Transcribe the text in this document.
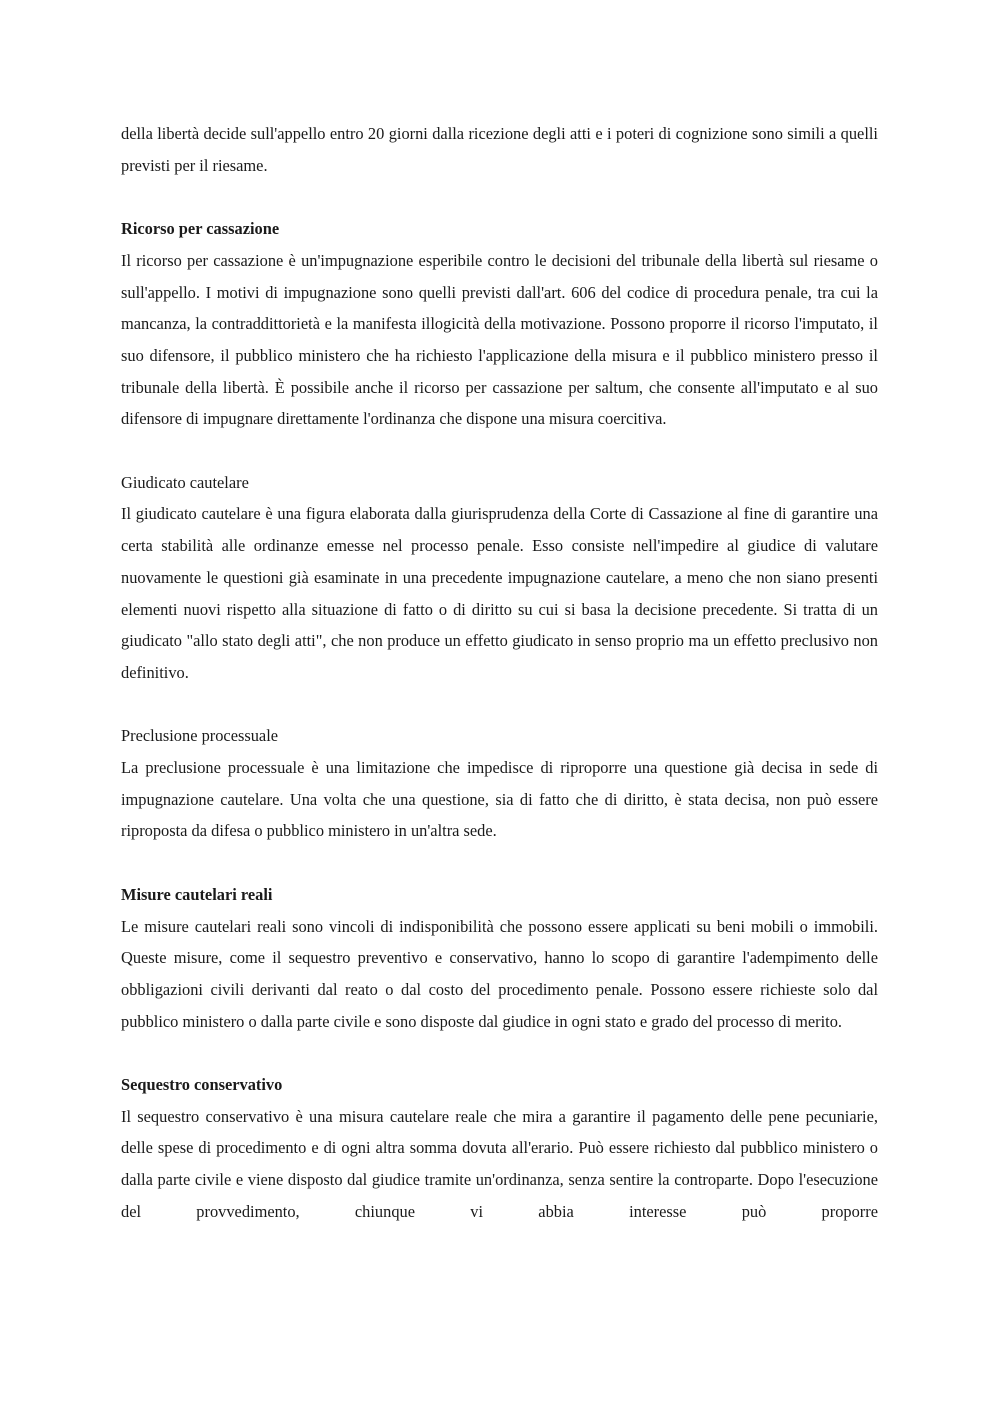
della libertà decide sull'appello entro 20 giorni dalla ricezione degli atti e i poteri di cognizione sono simili a quelli previsti per il riesame.

Ricorso per cassazione

Il ricorso per cassazione è un'impugnazione esperibile contro le decisioni del tribunale della libertà sul riesame o sull'appello. I motivi di impugnazione sono quelli previsti dall'art. 606 del codice di procedura penale, tra cui la mancanza, la contraddittorietà e la manifesta illogicità della motivazione. Possono proporre il ricorso l'imputato, il suo difensore, il pubblico ministero che ha richiesto l'applicazione della misura e il pubblico ministero presso il tribunale della libertà. È possibile anche il ricorso per cassazione per saltum, che consente all'imputato e al suo difensore di impugnare direttamente l'ordinanza che dispone una misura coercitiva.

Giudicato cautelare

Il giudicato cautelare è una figura elaborata dalla giurisprudenza della Corte di Cassazione al fine di garantire una certa stabilità alle ordinanze emesse nel processo penale. Esso consiste nell'impedire al giudice di valutare nuovamente le questioni già esaminate in una precedente impugnazione cautelare, a meno che non siano presenti elementi nuovi rispetto alla situazione di fatto o di diritto su cui si basa la decisione precedente. Si tratta di un giudicato "allo stato degli atti", che non produce un effetto giudicato in senso proprio ma un effetto preclusivo non definitivo.

Preclusione processuale

La preclusione processuale è una limitazione che impedisce di riproporre una questione già decisa in sede di impugnazione cautelare. Una volta che una questione, sia di fatto che di diritto, è stata decisa, non può essere riproposta da difesa o pubblico ministero in un'altra sede.

Misure cautelari reali

Le misure cautelari reali sono vincoli di indisponibilità che possono essere applicati su beni mobili o immobili. Queste misure, come il sequestro preventivo e conservativo, hanno lo scopo di garantire l'adempimento delle obbligazioni civili derivanti dal reato o dal costo del procedimento penale. Possono essere richieste solo dal pubblico ministero o dalla parte civile e sono disposte dal giudice in ogni stato e grado del processo di merito.

Sequestro conservativo

Il sequestro conservativo è una misura cautelare reale che mira a garantire il pagamento delle pene pecuniarie, delle spese di procedimento e di ogni altra somma dovuta all'erario. Può essere richiesto dal pubblico ministero o dalla parte civile e viene disposto dal giudice tramite un'ordinanza, senza sentire la controparte. Dopo l'esecuzione del provvedimento, chiunque vi abbia interesse può proporre
